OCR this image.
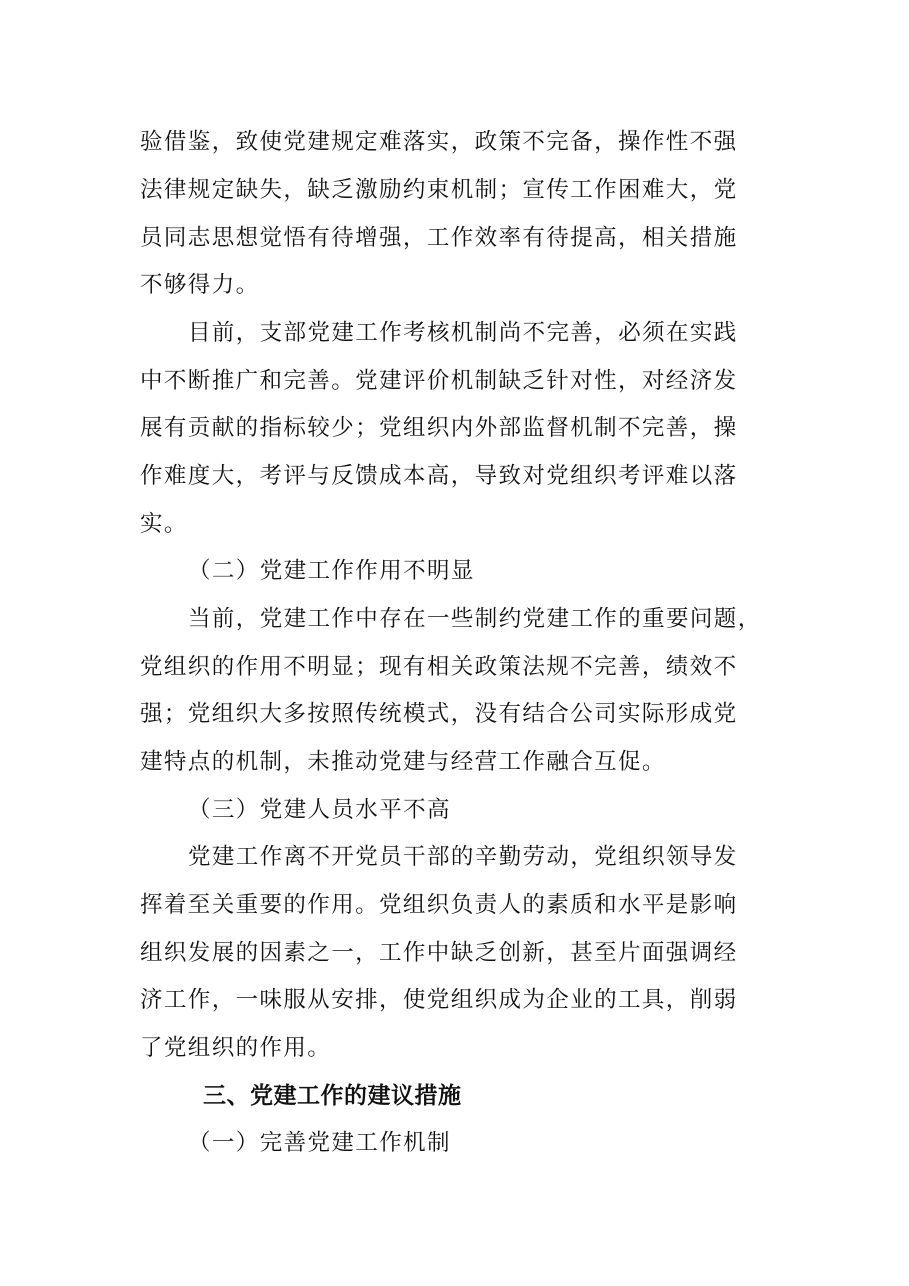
验借鉴，致使党建规定难落实，政策不完备，操作性不强
法律规定缺失，缺乏激励约束机制；宣传工作困难大，党
员同志思想觉悟有待增强，工作效率有待提高，相关措施
不够得力。
目前，支部党建工作考核机制尚不完善，必须在实践
中不断推广和完善。党建评价机制缺乏针对性，对经济发
展有贡献的指标较少；党组织内外部监督机制不完善，操
作难度大，考评与反馈成本高，导致对党组织考评难以落
实。
（二）党建工作作用不明显
当前，党建工作中存在一些制约党建工作的重要问题，
党组织的作用不明显；现有相关政策法规不完善，绩效不
强；党组织大多按照传统模式，没有结合公司实际形成党
建特点的机制，未推动党建与经营工作融合互促。
（三）党建人员水平不高
党建工作离不开党员干部的辛勤劳动，党组织领导发
挥着至关重要的作用。党组织负责人的素质和水平是影响
组织发展的因素之一，工作中缺乏创新，甚至片面强调经
济工作，一味服从安排，使党组织成为企业的工具，削弱
了党组织的作用。
三、党建工作的建议措施
（一）完善党建工作机制
